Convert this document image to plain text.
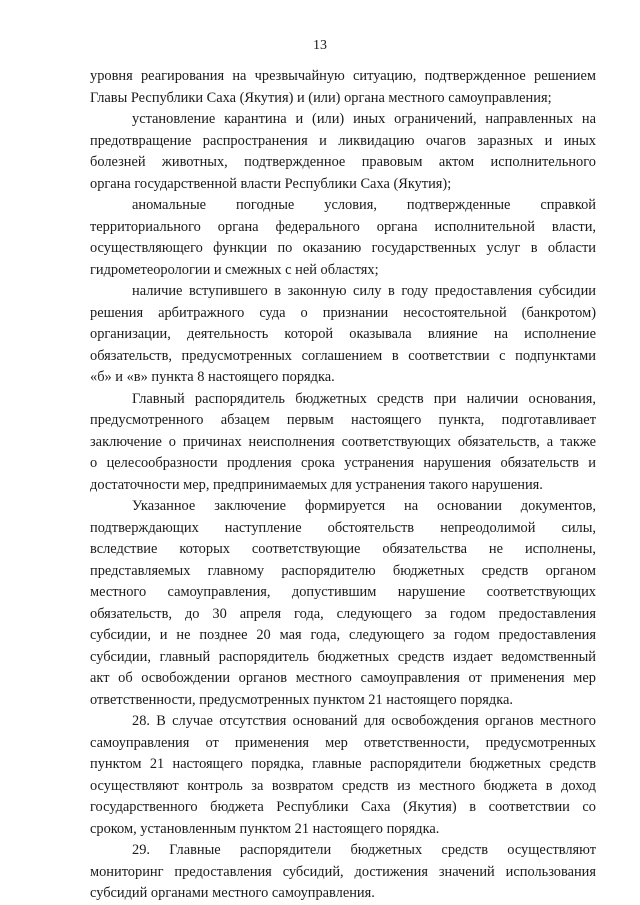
13
уровня реагирования на чрезвычайную ситуацию, подтвержденное решением
Главы Республики Саха (Якутия) и (или) органа местного самоуправления;
установление карантина и (или) иных ограничений, направленных на
предотвращение распространения и ликвидацию очагов заразных и иных
болезней животных, подтвержденное правовым актом исполнительного
органа государственной власти Республики Саха (Якутия);
аномальные погодные условия, подтвержденные справкой
территориального органа федерального органа исполнительной власти,
осуществляющего функции по оказанию государственных услуг в области
гидрометеорологии и смежных с ней областях;
наличие вступившего в законную силу в году предоставления субсидии
решения арбитражного суда о признании несостоятельной (банкротом)
организации, деятельность которой оказывала влияние на исполнение
обязательств, предусмотренных соглашением в соответствии с подпунктами
«б» и «в» пункта 8 настоящего порядка.
Главный распорядитель бюджетных средств при наличии основания,
предусмотренного абзацем первым настоящего пункта, подготавливает
заключение о причинах неисполнения соответствующих обязательств, а также
о целесообразности продления срока устранения нарушения обязательств и
достаточности мер, предпринимаемых для устранения такого нарушения.
Указанное заключение формируется на основании документов,
подтверждающих наступление обстоятельств непреодолимой силы,
вследствие которых соответствующие обязательства не исполнены,
представляемых главному распорядителю бюджетных средств органом
местного самоуправления, допустившим нарушение соответствующих
обязательств, до 30 апреля года, следующего за годом предоставления
субсидии, и не позднее 20 мая года, следующего за годом предоставления
субсидии, главный распорядитель бюджетных средств издает ведомственный
акт об освобождении органов местного самоуправления от применения мер
ответственности, предусмотренных пунктом 21 настоящего порядка.
28. В случае отсутствия оснований для освобождения органов местного
самоуправления от применения мер ответственности, предусмотренных
пунктом 21 настоящего порядка, главные распорядители бюджетных средств
осуществляют контроль за возвратом средств из местного бюджета в доход
государственного бюджета Республики Саха (Якутия) в соответствии со
сроком, установленным пунктом 21 настоящего порядка.
29. Главные распорядители бюджетных средств осуществляют
мониторинг предоставления субсидий, достижения значений использования
субсидий органами местного самоуправления.
